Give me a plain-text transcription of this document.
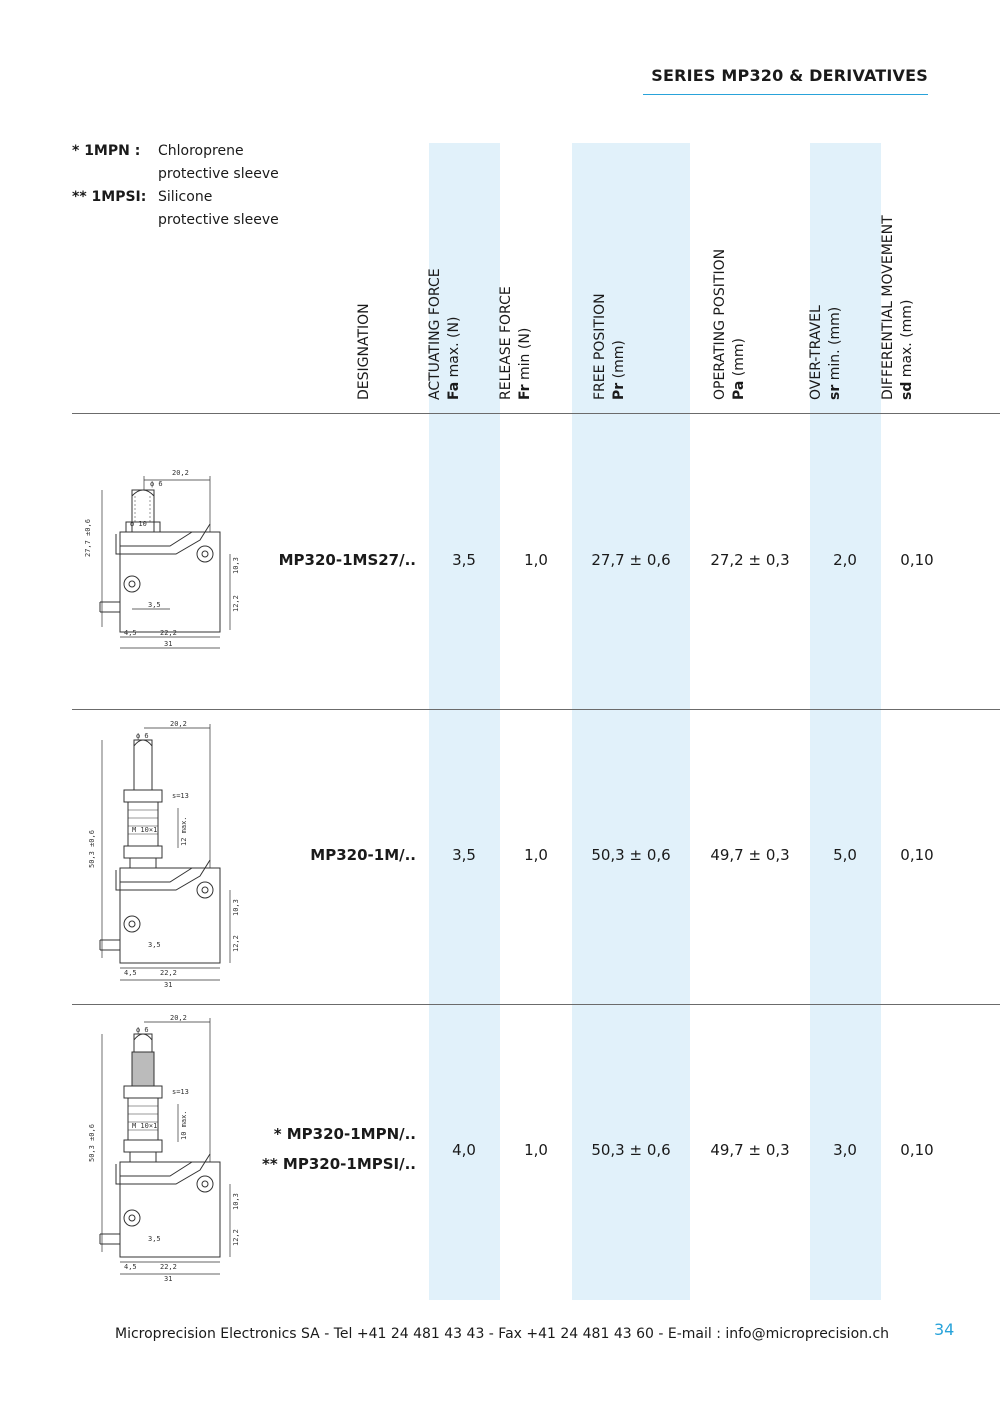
SERIES MP320 & DERIVATIVES
* 1MPN :	Chloroprene
protective sleeve
** 1MPSI: Silicone
protective sleeve
DESIGNATION	ACTUATING FORCE Fa max. (N)	RELEASE FORCE Fr min (N)	FREE POSITION Pr (mm)	OPERATING POSITION Pa (mm)	OVER-TRAVEL sr min. (mm)	DIFFERENTIAL MOVEMENT sd max. (mm)
MP320-1MS27/.. 3,5	1,0	27,7 ± 0,6	27,2 ± 0,3	2,0	0,10
20,2
ϕ 6
ϕ 10
27,7 ±0,6
10,3
12,2
3,5
4,5	22,2
31
MP320-1M/.. 3,5	1,0	50,3 ± 0,6	49,7 ± 0,3	5,0	0,10
20,2
ϕ 6
s=13
M 10×1	12 max.
50,3 ±0,6
10,3
12,2
3,5
4,5	22,2
31
* MP320-1MPN/..
** MP320-1MPSI/..
4,0	1,0	50,3 ± 0,6	49,7 ± 0,3	3,0	0,10
20,2
ϕ 6
s=13
M 10×1	10 max.
50,3 ±0,6
10,3
12,2
3,5
4,5	22,2
31
Microprecision Electronics SA - Tel +41 24 481 43 43 - Fax +41 24 481 43 60 - E-mail : info@microprecision.ch	34
